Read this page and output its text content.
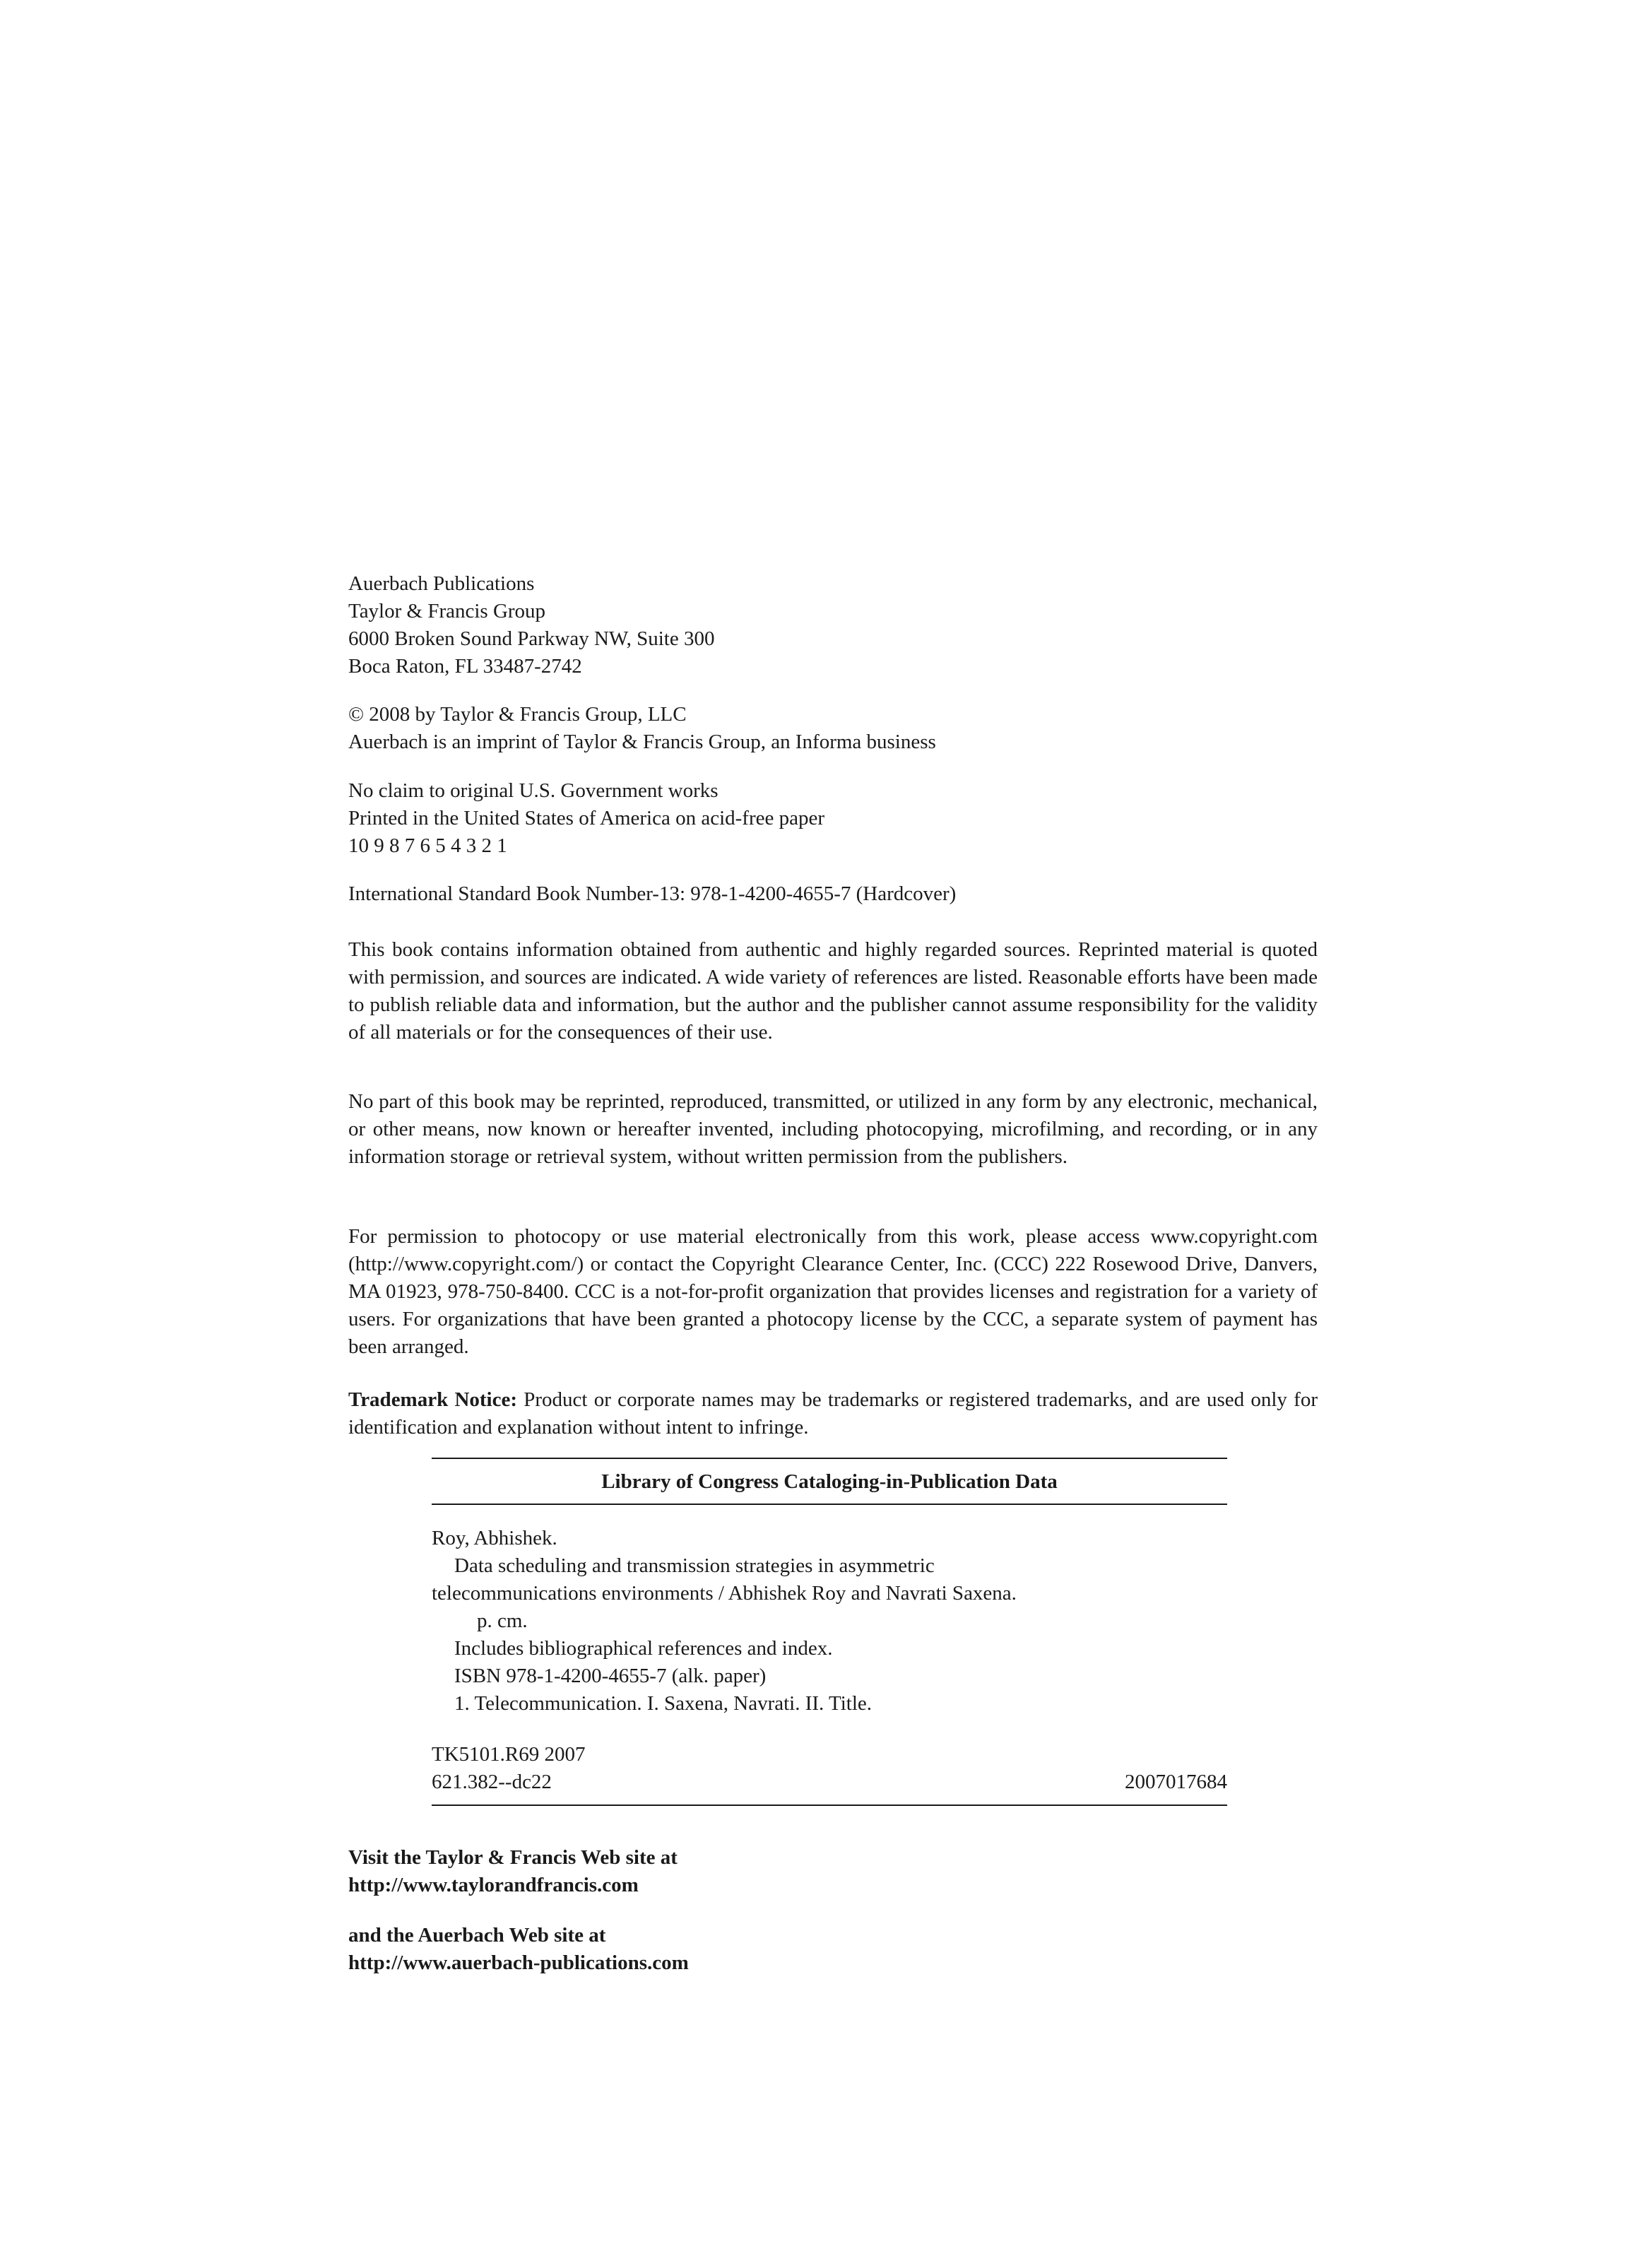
Auerbach Publications
Taylor & Francis Group
6000 Broken Sound Parkway NW, Suite 300
Boca Raton, FL 33487-2742
© 2008 by Taylor & Francis Group, LLC
Auerbach is an imprint of Taylor & Francis Group, an Informa business
No claim to original U.S. Government works
Printed in the United States of America on acid-free paper
10 9 8 7 6 5 4 3 2 1
International Standard Book Number-13: 978-1-4200-4655-7 (Hardcover)
This book contains information obtained from authentic and highly regarded sources. Reprinted material is quoted with permission, and sources are indicated. A wide variety of references are listed. Reasonable efforts have been made to publish reliable data and information, but the author and the publisher cannot assume responsibility for the validity of all materials or for the consequences of their use.
No part of this book may be reprinted, reproduced, transmitted, or utilized in any form by any electronic, mechanical, or other means, now known or hereafter invented, including photocopying, microfilming, and recording, or in any information storage or retrieval system, without written permission from the publishers.
For permission to photocopy or use material electronically from this work, please access www.copyright.com (http://www.copyright.com/) or contact the Copyright Clearance Center, Inc. (CCC) 222 Rosewood Drive, Danvers, MA 01923, 978-750-8400. CCC is a not-for-profit organization that provides licenses and registration for a variety of users. For organizations that have been granted a photocopy license by the CCC, a separate system of payment has been arranged.
Trademark Notice: Product or corporate names may be trademarks or registered trademarks, and are used only for identification and explanation without intent to infringe.
Library of Congress Cataloging-in-Publication Data
Roy, Abhishek.
Data scheduling and transmission strategies in asymmetric
telecommunications environments / Abhishek Roy and Navrati Saxena.
p. cm.
Includes bibliographical references and index.
ISBN 978-1-4200-4655-7 (alk. paper)
1. Telecommunication. I. Saxena, Navrati. II. Title.
TK5101.R69 2007
621.382--dc22	2007017684
Visit the Taylor & Francis Web site at
http://www.taylorandfrancis.com
and the Auerbach Web site at
http://www.auerbach-publications.com
